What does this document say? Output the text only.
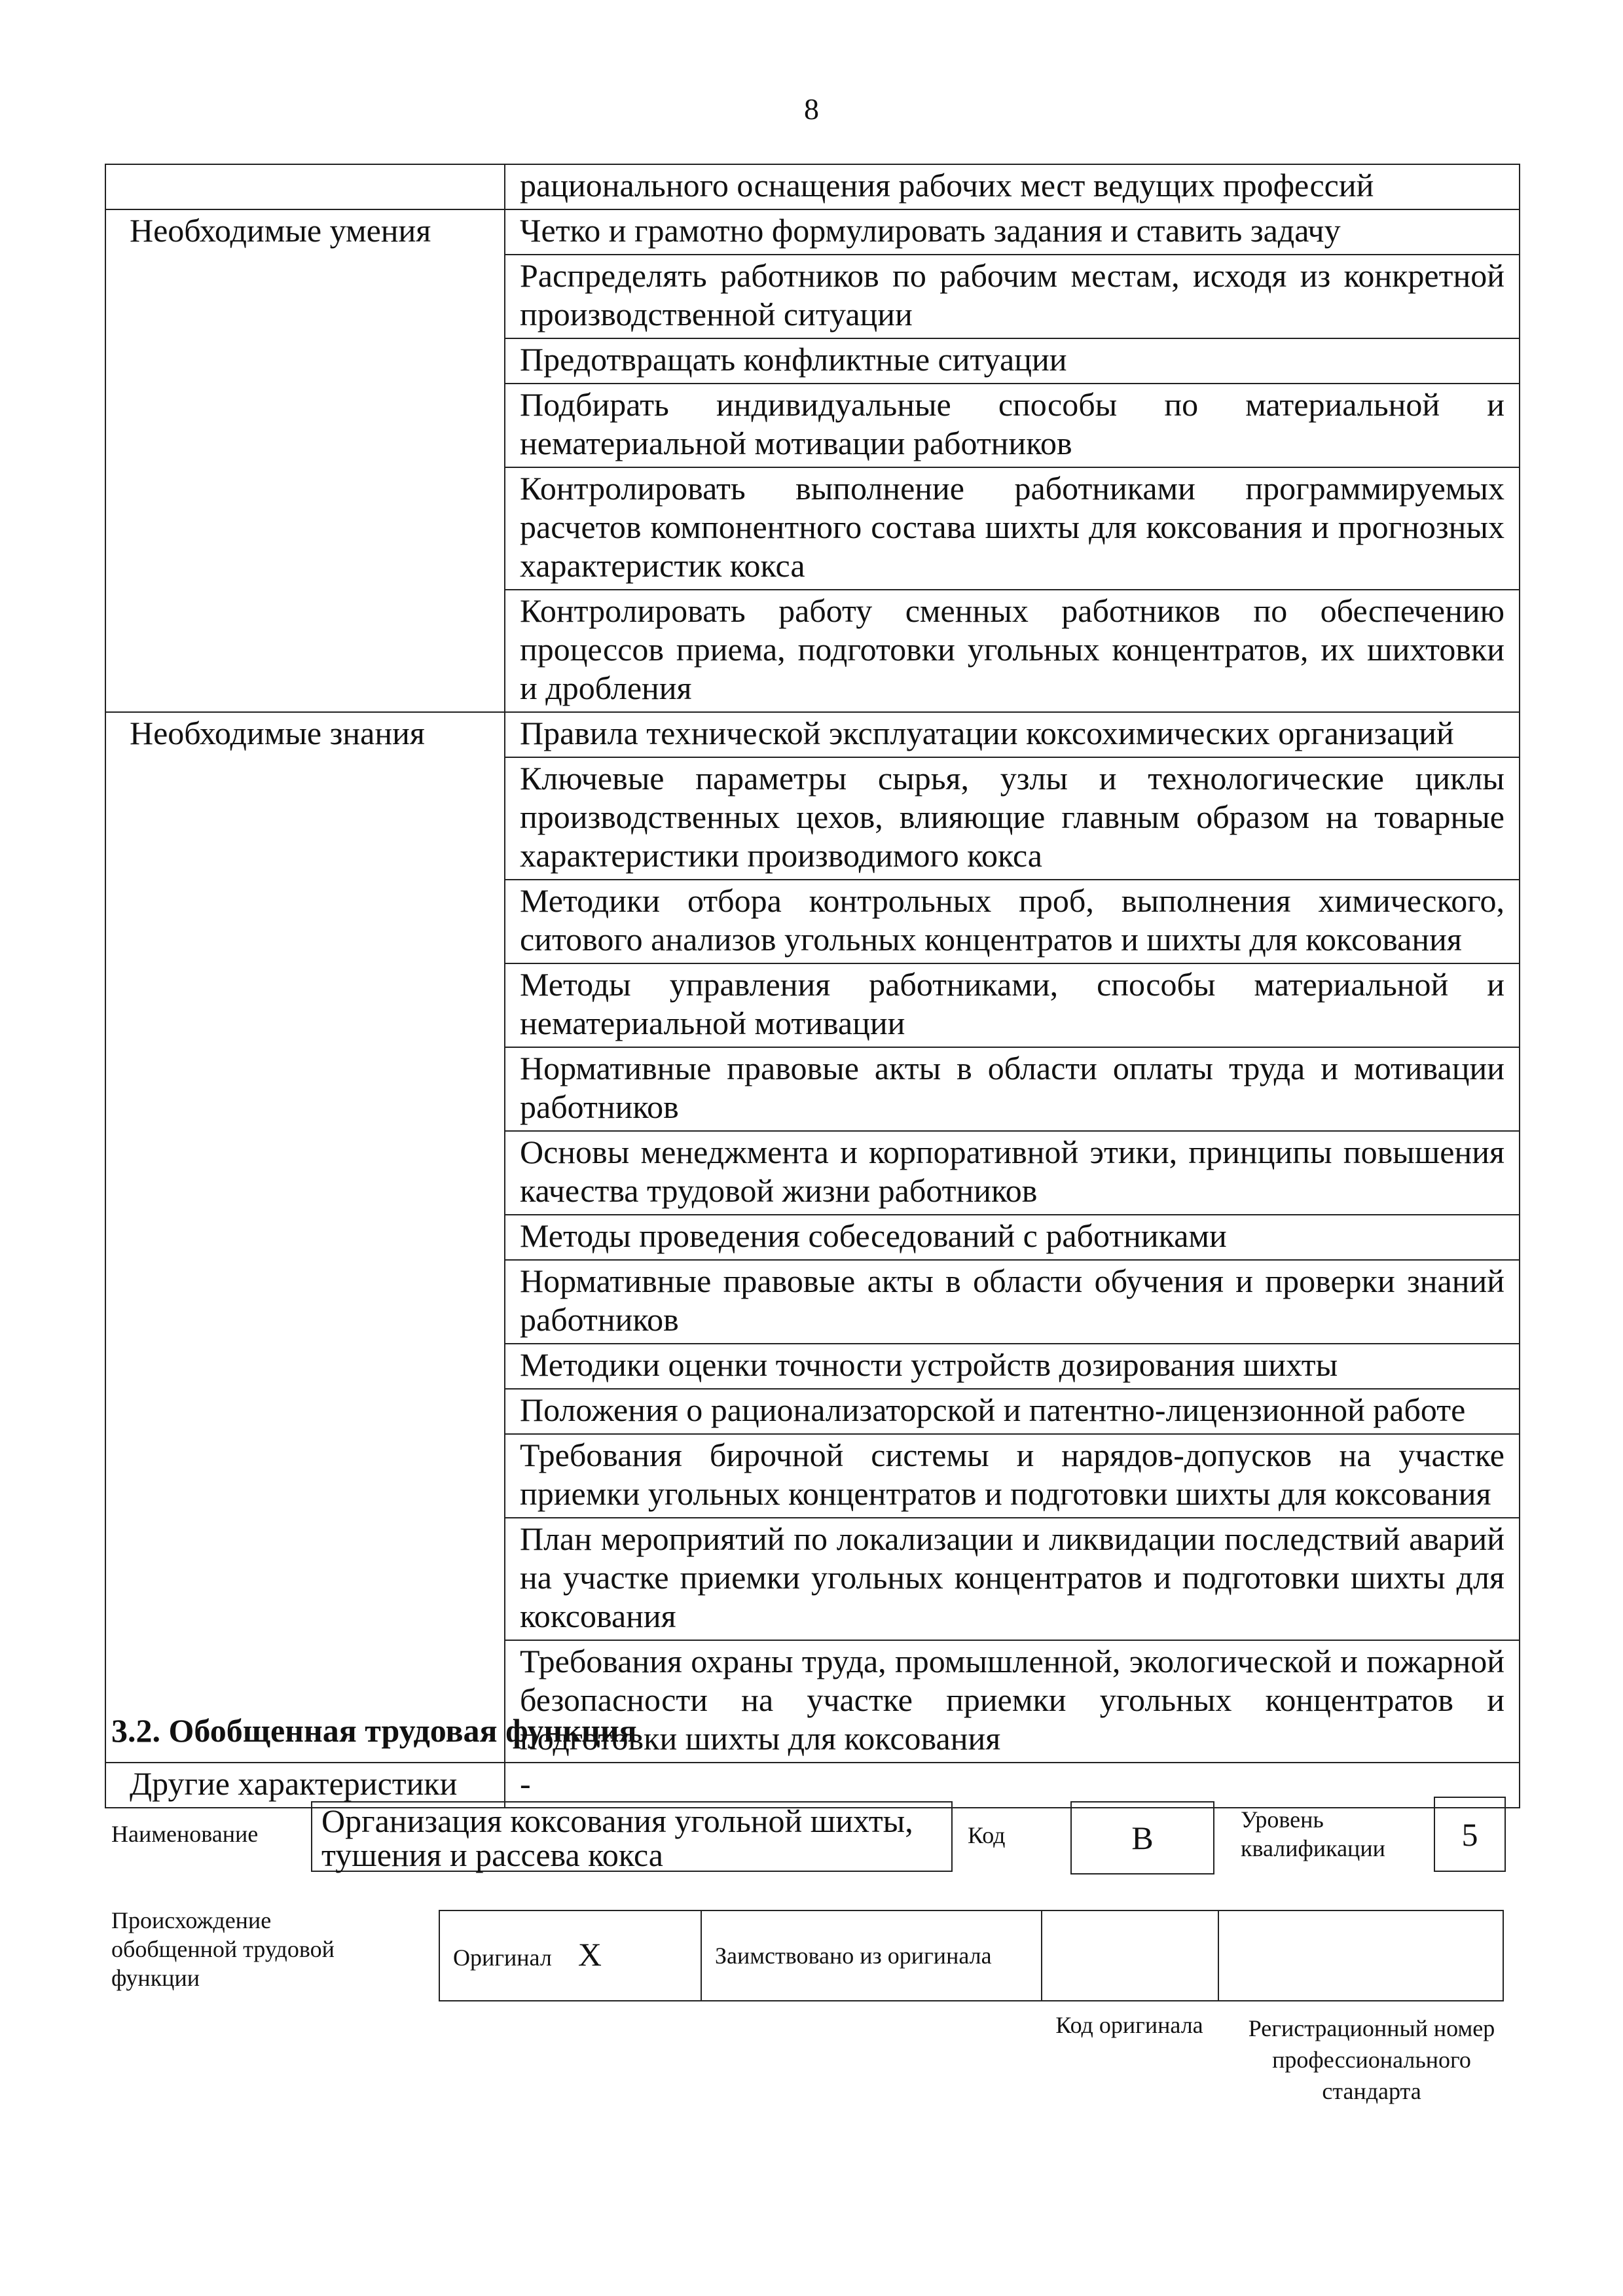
8
	рационального оснащения рабочих мест ведущих профессий
Необходимые умения	Четко и грамотно формулировать задания и ставить задачу
	Распределять работников по рабочим местам, исходя из конкретной производственной ситуации
	Предотвращать конфликтные ситуации
	Подбирать индивидуальные способы по материальной и нематериальной мотивации работников
	Контролировать выполнение работниками программируемых расчетов компонентного состава шихты для коксования и прогнозных характеристик кокса
	Контролировать работу сменных работников по обеспечению процессов приема, подготовки угольных концентратов, их шихтовки и дробления
Необходимые знания	Правила технической эксплуатации коксохимических организаций
	Ключевые параметры сырья, узлы и технологические циклы производственных цехов, влияющие главным образом на товарные характеристики производимого кокса
	Методики отбора контрольных проб, выполнения химического, ситового анализов угольных концентратов и шихты для коксования
	Методы управления работниками, способы материальной и нематериальной мотивации
	Нормативные правовые акты в области оплаты труда и мотивации работников
	Основы менеджмента и корпоративной этики, принципы повышения качества трудовой жизни работников
	Методы проведения собеседований с работниками
	Нормативные правовые акты в области обучения и проверки знаний работников
	Методики оценки точности устройств дозирования шихты
	Положения о рационализаторской и патентно-лицензионной работе
	Требования бирочной системы и нарядов-допусков на участке приемки угольных концентратов и подготовки шихты для коксования
	План мероприятий по локализации и ликвидации последствий аварий на участке приемки угольных концентратов и подготовки шихты для коксования
	Требования охраны труда, промышленной, экологической и пожарной безопасности на участке приемки угольных концентратов и подготовки шихты для коксования
Другие характеристики	-
3.2. Обобщенная трудовая функция
Наименование	Организация коксования угольной шихты, тушения и рассева кокса
Код	B	Уровень квалификации	5
Происхождение обобщенной трудовой функции
Оригинал X	Заимствовано из оригинала		
Код оригинала	Регистрационный номер профессионального стандарта
